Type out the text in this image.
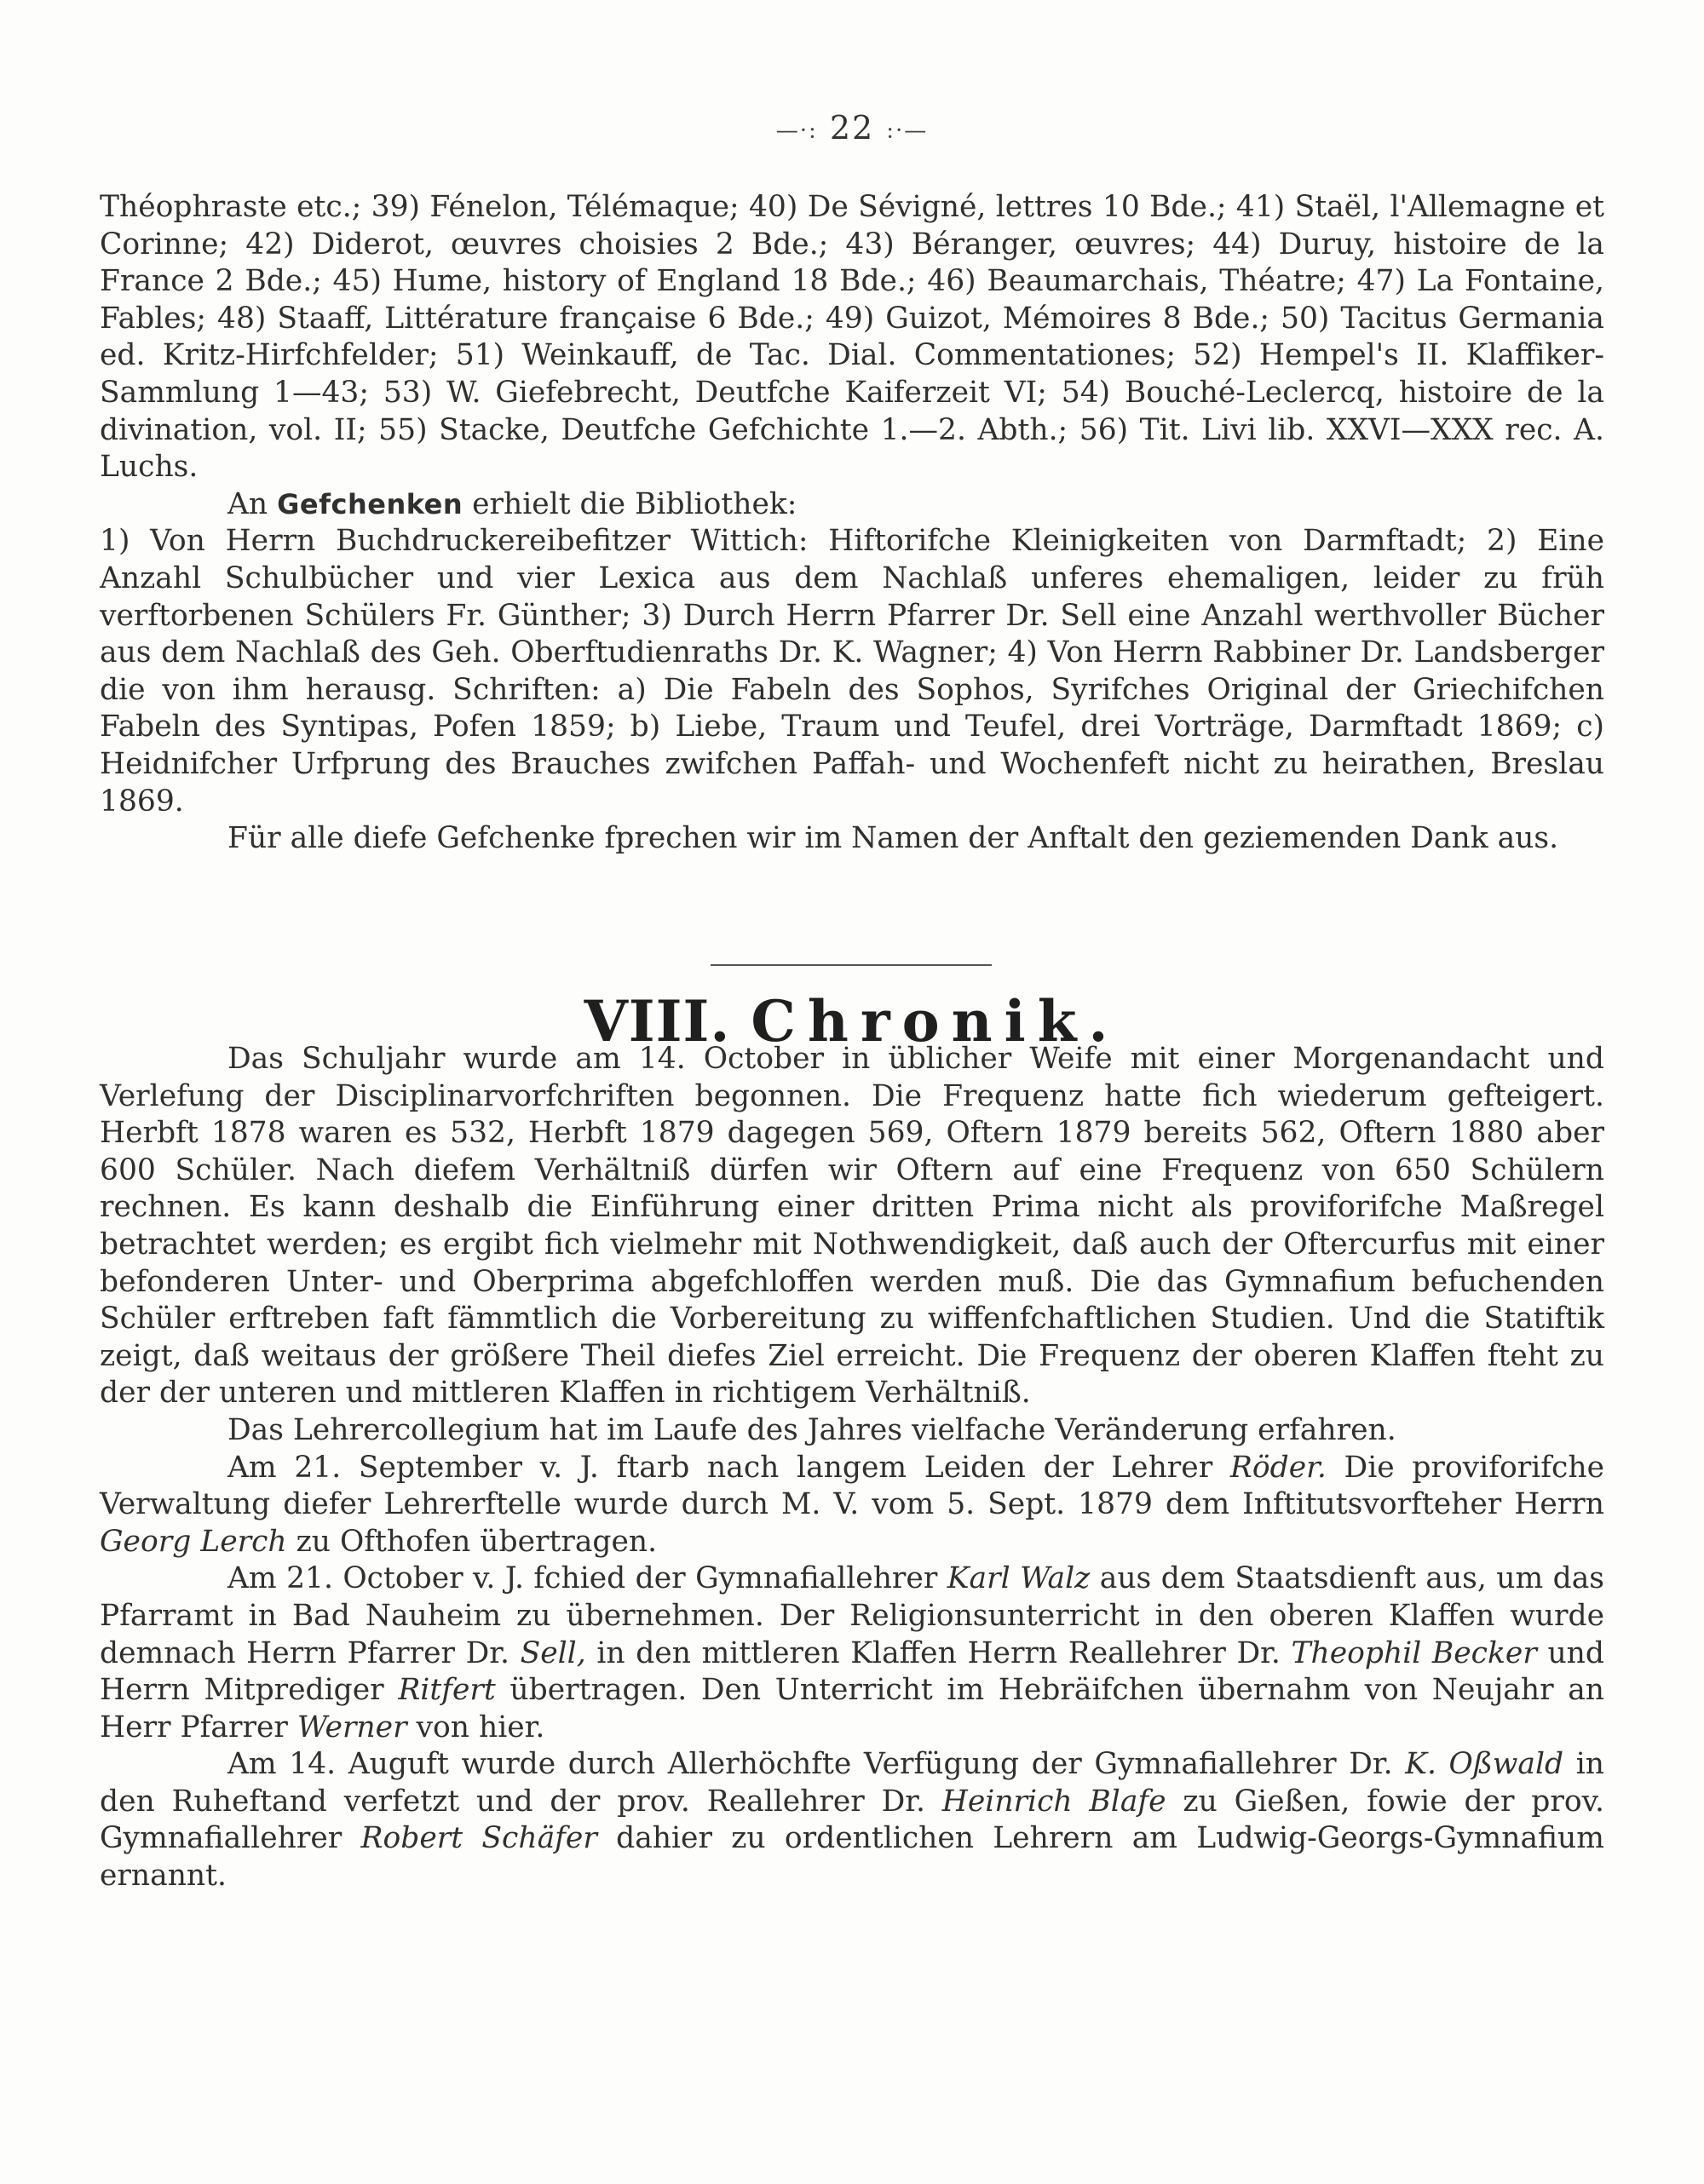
—·: 22 :·—

Théophraste etc.; 39) Fénelon, Télémaque; 40) De Sévigné, lettres 10 Bde.; 41) Staël, l'Allemagne et Corinne; 42) Diderot, œuvres choisies 2 Bde.; 43) Béranger, œuvres; 44) Duruy, histoire de la France 2 Bde.; 45) Hume, history of England 18 Bde.; 46) Beaumarchais, Théatre; 47) La Fontaine, Fables; 48) Staaff, Littérature française 6 Bde.; 49) Guizot, Mémoires 8 Bde.; 50) Tacitus Germania ed. Kritz-Hirfchfelder; 51) Weinkauff, de Tac. Dial. Commentationes; 52) Hempel's II. Klaffiker-Sammlung 1—43; 53) W. Giefebrecht, Deutfche Kaiferzeit VI; 54) Bouché-Leclercq, histoire de la divination, vol. II; 55) Stacke, Deutfche Gefchichte 1.—2. Abth.; 56) Tit. Livi lib. XXVI—XXX rec. A. Luchs.

An Gefchenken erhielt die Bibliothek:

1) Von Herrn Buchdruckereibefitzer Wittich: Hiftorifche Kleinigkeiten von Darmftadt; 2) Eine Anzahl Schulbücher und vier Lexica aus dem Nachlaß unferes ehemaligen, leider zu früh verftorbenen Schülers Fr. Günther; 3) Durch Herrn Pfarrer Dr. Sell eine Anzahl werthvoller Bücher aus dem Nachlaß des Geh. Oberftudienraths Dr. K. Wagner; 4) Von Herrn Rabbiner Dr. Landsberger die von ihm herausg. Schriften: a) Die Fabeln des Sophos, Syrifches Original der Griechifchen Fabeln des Syntipas, Pofen 1859; b) Liebe, Traum und Teufel, drei Vorträge, Darmftadt 1869; c) Heidnifcher Urfprung des Brauches zwifchen Paffah- und Wochenfeft nicht zu heirathen, Breslau 1869.

Für alle diefe Gefchenke fprechen wir im Namen der Anftalt den geziemenden Dank aus.

VIII. Chronik.

Das Schuljahr wurde am 14. October in üblicher Weife mit einer Morgenandacht und Verlefung der Disciplinarvorfchriften begonnen. Die Frequenz hatte fich wiederum gefteigert. Herbft 1878 waren es 532, Herbft 1879 dagegen 569, Oftern 1879 bereits 562, Oftern 1880 aber 600 Schüler. Nach diefem Verhältniß dürfen wir Oftern auf eine Frequenz von 650 Schülern rechnen. Es kann deshalb die Einführung einer dritten Prima nicht als proviforifche Maßregel betrachtet werden; es ergibt fich vielmehr mit Nothwendigkeit, daß auch der Oftercurfus mit einer befonderen Unter- und Oberprima abgefchloffen werden muß. Die das Gymnafium befuchenden Schüler erftreben faft fämmtlich die Vorbereitung zu wiffenfchaftlichen Studien. Und die Statiftik zeigt, daß weitaus der größere Theil diefes Ziel erreicht. Die Frequenz der oberen Klaffen fteht zu der der unteren und mittleren Klaffen in richtigem Verhältniß.

Das Lehrercollegium hat im Laufe des Jahres vielfache Veränderung erfahren.

Am 21. September v. J. ftarb nach langem Leiden der Lehrer Röder. Die proviforifche Verwaltung diefer Lehrerftelle wurde durch M. V. vom 5. Sept. 1879 dem Inftitutsvorfteher Herrn Georg Lerch zu Ofthofen übertragen.

Am 21. October v. J. fchied der Gymnafiallehrer Karl Walz aus dem Staatsdienft aus, um das Pfarramt in Bad Nauheim zu übernehmen. Der Religionsunterricht in den oberen Klaffen wurde demnach Herrn Pfarrer Dr. Sell, in den mittleren Klaffen Herrn Reallehrer Dr. Theophil Becker und Herrn Mitprediger Ritfert übertragen. Den Unterricht im Hebräifchen übernahm von Neujahr an Herr Pfarrer Werner von hier.

Am 14. Auguft wurde durch Allerhöchfte Verfügung der Gymnafiallehrer Dr. K. Oßwald in den Ruheftand verfetzt und der prov. Reallehrer Dr. Heinrich Blafe zu Gießen, fowie der prov. Gymnafiallehrer Robert Schäfer dahier zu ordentlichen Lehrern am Ludwig-Georgs-Gymnafium ernannt.
